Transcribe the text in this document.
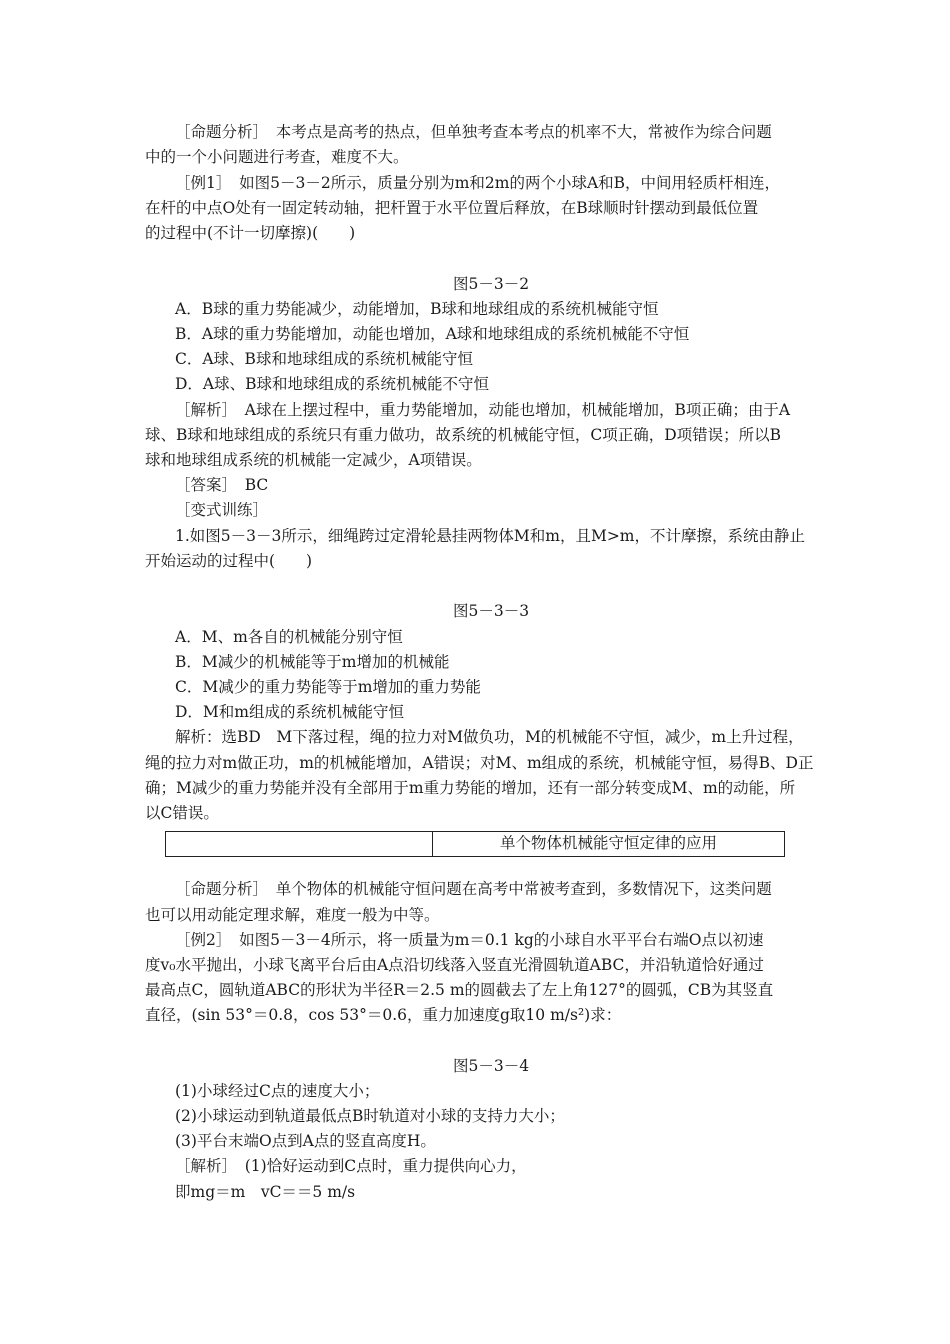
［命题分析］　本考点是高考的热点，但单独考查本考点的机率不大，常被作为综合问题
中的一个小问题进行考查，难度不大。
［例1］　如图5－3－2所示，质量分别为m和2m的两个小球A和B，中间用轻质杆相连，
在杆的中点O处有一固定转动轴，把杆置于水平位置后释放，在B球顺时针摆动到最低位置
的过程中(不计一切摩擦)(　　)
图5－3－2
A．B球的重力势能减少，动能增加，B球和地球组成的系统机械能守恒
B．A球的重力势能增加，动能也增加，A球和地球组成的系统机械能不守恒
C．A球、B球和地球组成的系统机械能守恒
D．A球、B球和地球组成的系统机械能不守恒
［解析］　A球在上摆过程中，重力势能增加，动能也增加，机械能增加，B项正确；由于A
球、B球和地球组成的系统只有重力做功，故系统的机械能守恒，C项正确，D项错误；所以B
球和地球组成系统的机械能一定减少，A项错误。
［答案］　BC
［变式训练］
1.如图5－3－3所示，细绳跨过定滑轮悬挂两物体M和m，且M>m，不计摩擦，系统由静止
开始运动的过程中(　　)
图5－3－3
A．M、m各自的机械能分别守恒
B．M减少的机械能等于m增加的机械能
C．M减少的重力势能等于m增加的重力势能
D．M和m组成的系统机械能守恒
解析：选BD　M下落过程，绳的拉力对M做负功，M的机械能不守恒，减少，m上升过程，
绳的拉力对m做正功，m的机械能增加，A错误；对M、m组成的系统，机械能守恒，易得B、D正
确；M减少的重力势能并没有全部用于m重力势能的增加，还有一部分转变成M、m的动能，所
以C错误。
单个物体机械能守恒定律的应用
［命题分析］　单个物体的机械能守恒问题在高考中常被考查到，多数情况下，这类问题
也可以用动能定理求解，难度一般为中等。
［例2］　如图5－3－4所示，将一质量为m＝0.1 kg的小球自水平平台右端O点以初速
度v₀水平抛出，小球飞离平台后由A点沿切线落入竖直光滑圆轨道ABC，并沿轨道恰好通过
最高点C，圆轨道ABC的形状为半径R＝2.5 m的圆截去了左上角127°的圆弧，CB为其竖直
直径，(sin 53°＝0.8，cos 53°＝0.6，重力加速度g取10 m/s²)求：
图5－3－4
(1)小球经过C点的速度大小；
(2)小球运动到轨道最低点B时轨道对小球的支持力大小；
(3)平台末端O点到A点的竖直高度H。
［解析］　(1)恰好运动到C点时，重力提供向心力，
即mg＝m　vC＝＝5 m/s
